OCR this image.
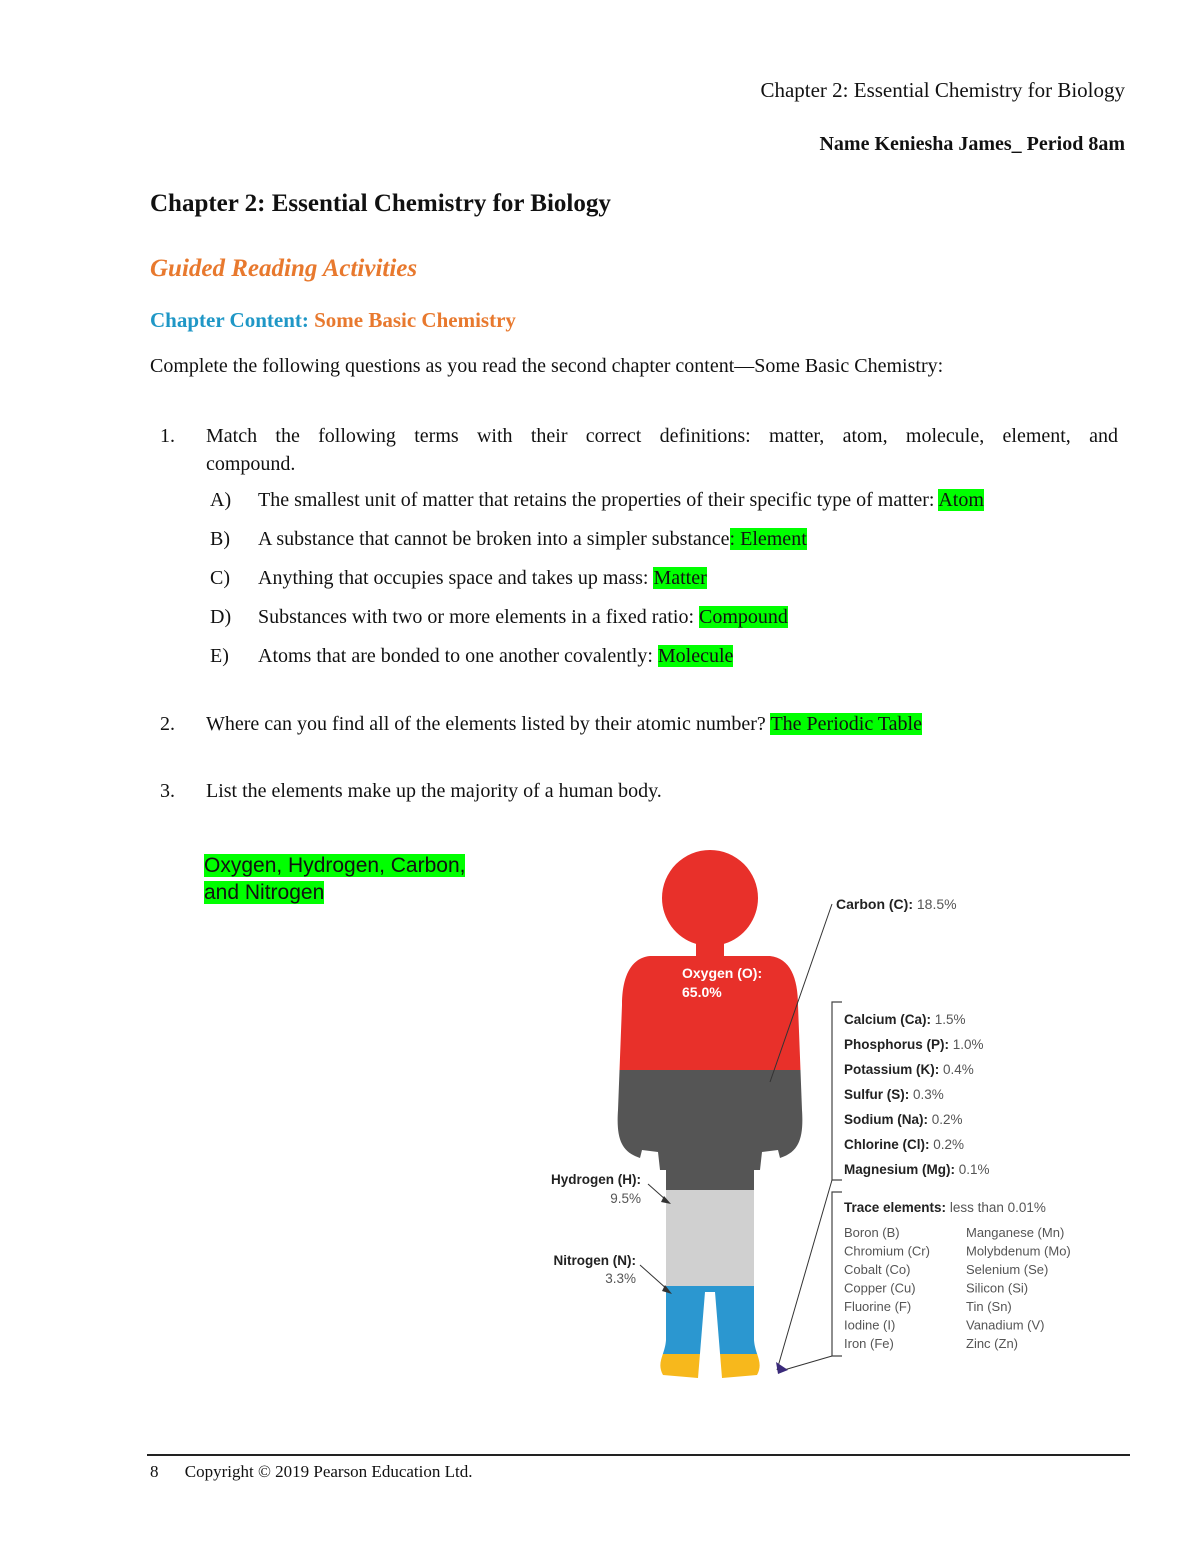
Chapter 2: Essential Chemistry for Biology
Name Keniesha James_ Period 8am
Chapter 2: Essential Chemistry for Biology
Guided Reading Activities
Chapter Content: Some Basic Chemistry
Complete the following questions as you read the second chapter content—Some Basic Chemistry:
1. Match the following terms with their correct definitions: matter, atom, molecule, element, and
compound.
A) The smallest unit of matter that retains the properties of their specific type of matter: Atom
B) A substance that cannot be broken into a simpler substance: Element
C) Anything that occupies space and takes up mass: Matter
D) Substances with two or more elements in a fixed ratio: Compound
E) Atoms that are bonded to one another covalently: Molecule
2. Where can you find all of the elements listed by their atomic number? The Periodic Table
3. List the elements make up the majority of a human body.
Oxygen, Hydrogen, Carbon,
and Nitrogen
Oxygen (O):
65.0%
Carbon (C): 18.5%
Calcium (Ca): 1.5%
Phosphorus (P): 1.0%
Potassium (K): 0.4%
Sulfur (S): 0.3%
Sodium (Na): 0.2%
Chlorine (Cl): 0.2%
Magnesium (Mg): 0.1%
Trace elements: less than 0.01%
Boron (B)
Chromium (Cr)
Cobalt (Co)
Copper (Cu)
Fluorine (F)
Iodine (I)
Iron (Fe)
Manganese (Mn)
Molybdenum (Mo)
Selenium (Se)
Silicon (Si)
Tin (Sn)
Vanadium (V)
Zinc (Zn)
Hydrogen (H):
9.5%
Nitrogen (N):
3.3%
8 Copyright © 2019 Pearson Education Ltd.
